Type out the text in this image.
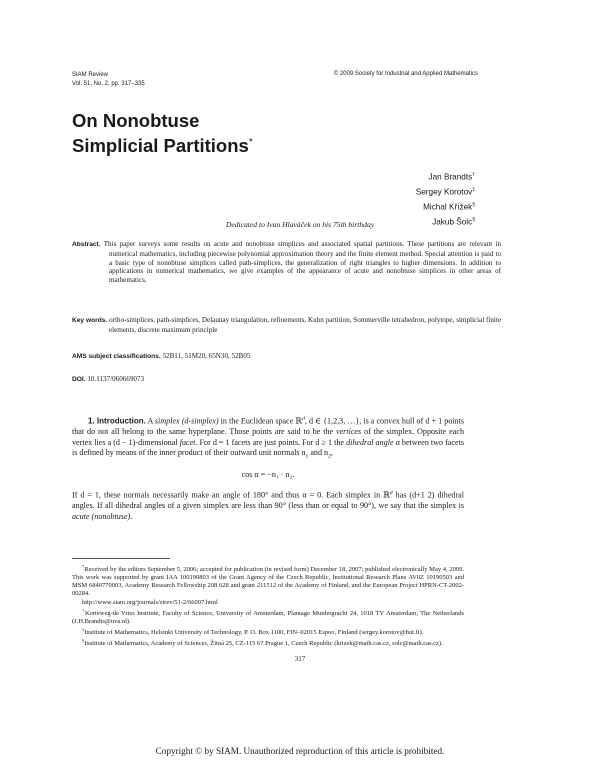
SIAM Review
Vol. 51, No. 2, pp. 317–335
© 2009 Society for Industrial and Applied Mathematics
On Nonobtuse
Simplicial Partitions*
Jan Brandts†
Sergey Korotov‡
Michal Křížek§
Jakub Šolc§
Dedicated to Ivan Hlaváček on his 75th birthday
Abstract. This paper surveys some results on acute and nonobtuse simplices and associated spatial partitions. These partitions are relevant in numerical mathematics, including piecewise polynomial approximation theory and the finite element method. Special attention is paid to a basic type of nonobtuse simplices called path-simplices, the generalization of right triangles to higher dimensions. In addition to applications in numerical mathematics, we give examples of the appearance of acute and nonobtuse simplices in other areas of mathematics.
Key words. ortho-simplices, path-simplices, Delaunay triangulation, refinements, Kuhn partition, Sommerville tetrahedron, polytope, simplicial finite elements, discrete maximum principle
AMS subject classifications. 52B11, 51M20, 65N30, 52B05
DOI. 10.1137/060669073

1. Introduction. A simplex (d-simplex) in the Euclidean space ℝ$^d$, d ∈ {1,2,3, …}, is a convex hull of d + 1 points that do not all belong to the same hyperplane. Those points are said to be the vertices of the simplex. Opposite each vertex lies a (d − 1)-dimensional facet. For d = 1 facets are just points. For d ≥ 1 the dihedral angle α between two facets is defined by means of the inner product of their outward unit normals $n_1$ and $n_2$,

cos α = −n₁ · n₂.

If d = 1, these normals necessarily make an angle of 180° and thus α = 0. Each simplex in ℝ$^d$ has (d+1 2) dihedral angles. If all dihedral angles of a given simplex are less than 90° (less than or equal to 90°), we say that the simplex is acute (nonobtuse).

*Received by the editors September 5, 2006; accepted for publication (in revised form) December 18, 2007; published electronically May 4, 2009. This work was supported by grant IAA 100190803 of the Grant Agency of the Czech Republic, Institutional Research Plans AV0Z 10190503 and MSM 6840770003, Academy Research Fellowship 208 628 and grant 211512 of the Academy of Finland, and the European Project HPRN-CT-2002-00284.

http://www.siam.org/journals/sirev/51-2/66097.html

†Korteweg-de Vries Institute, Faculty of Science, University of Amsterdam, Plantage Muidergracht 24, 1018 TV Amsterdam, The Netherlands (J.H.Brandts@uva.nl).

‡Institute of Mathematics, Helsinki University of Technology, P. O. Box 1100, FIN–02015 Espoo, Finland (sergey.korotov@hut.fi).

§Institute of Mathematics, Academy of Sciences, Žitná 25, CZ-115 67 Prague 1, Czech Republic (krizek@math.cas.cz, solc@math.cas.cz).

317
Copyright © by SIAM. Unauthorized reproduction of this article is prohibited.
